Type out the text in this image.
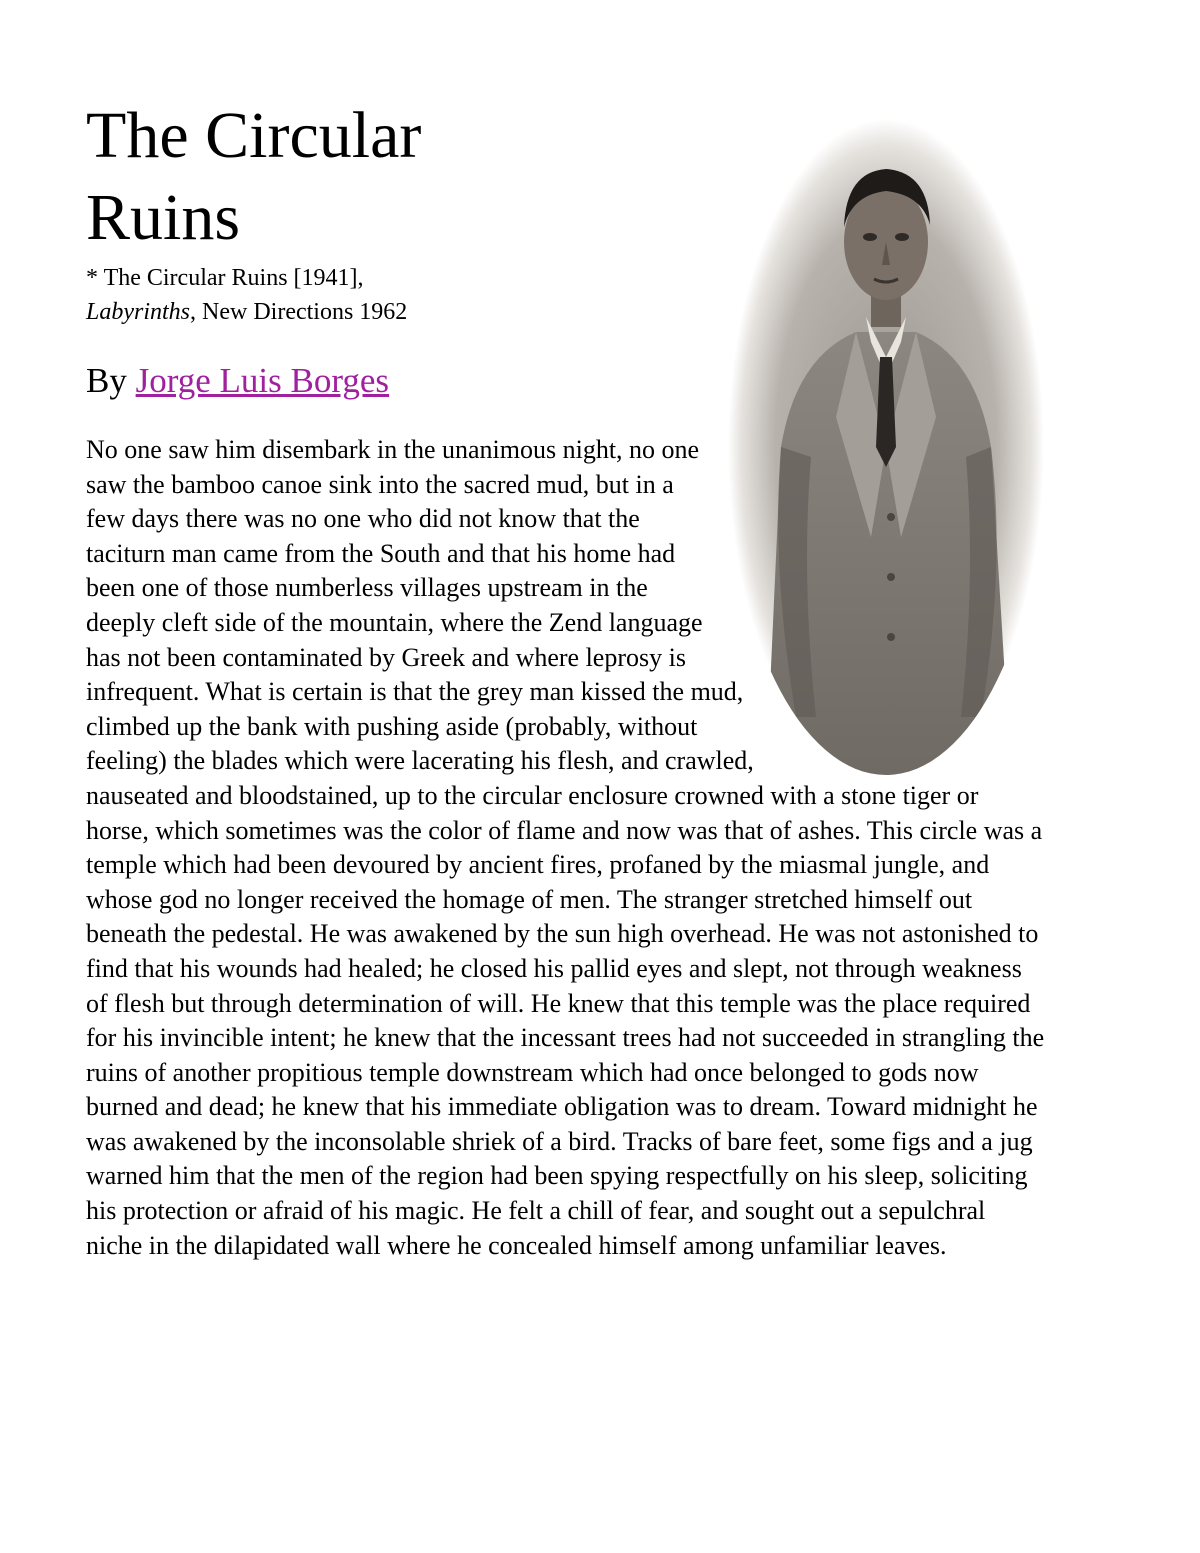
The Circular Ruins

* The Circular Ruins [1941],
Labyrinths, New Directions 1962

By Jorge Luis Borges

No one saw him disembark in the unanimous night, no one saw the bamboo canoe sink into the sacred mud, but in a few days there was no one who did not know that the taciturn man came from the South and that his home had been one of those numberless villages upstream in the deeply cleft side of the mountain, where the Zend language has not been contaminated by Greek and where leprosy is infrequent. What is certain is that the grey man kissed the mud, climbed up the bank with pushing aside (probably, without feeling) the blades which were lacerating his flesh, and crawled, nauseated and bloodstained, up to the circular enclosure crowned with a stone tiger or horse, which sometimes was the color of flame and now was that of ashes. This circle was a temple which had been devoured by ancient fires, profaned by the miasmal jungle, and whose god no longer received the homage of men. The stranger stretched himself out beneath the pedestal. He was awakened by the sun high overhead. He was not astonished to find that his wounds had healed; he closed his pallid eyes and slept, not through weakness of flesh but through determination of will. He knew that this temple was the place required for his invincible intent; he knew that the incessant trees had not succeeded in strangling the ruins of another propitious temple downstream which had once belonged to gods now burned and dead; he knew that his immediate obligation was to dream. Toward midnight he was awakened by the inconsolable shriek of a bird. Tracks of bare feet, some figs and a jug warned him that the men of the region had been spying respectfully on his sleep, soliciting his protection or afraid of his magic. He felt a chill of fear, and sought out a sepulchral niche in the dilapidated wall where he concealed himself among unfamiliar leaves.
